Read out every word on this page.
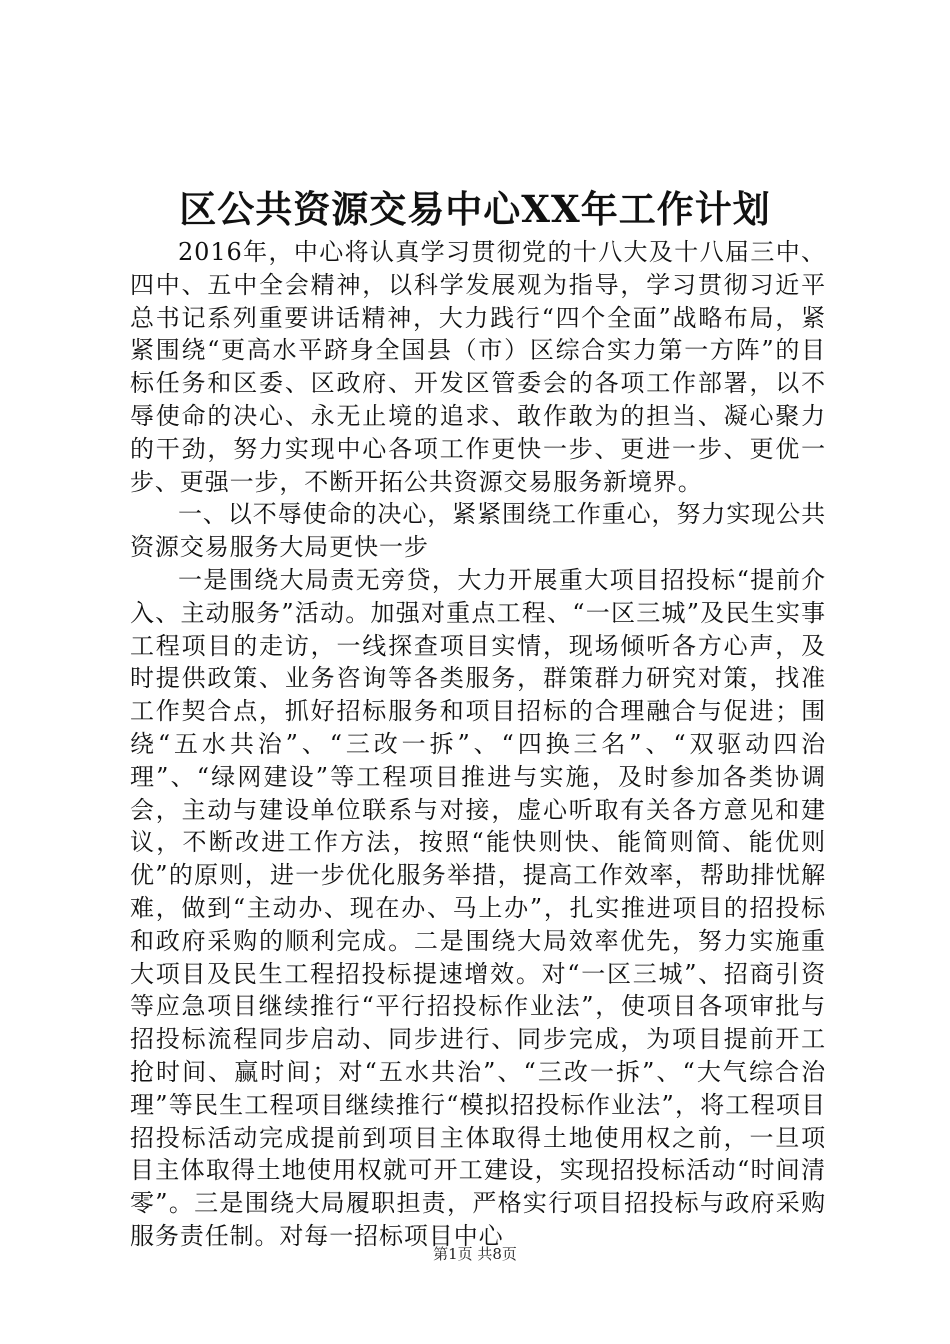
区公共资源交易中心XX年工作计划

2016年，中心将认真学习贯彻党的十八大及十八届三中、四中、五中全会精神，以科学发展观为指导，学习贯彻习近平总书记系列重要讲话精神，大力践行“四个全面”战略布局，紧紧围绕“更高水平跻身全国县（市）区综合实力第一方阵”的目标任务和区委、区政府、开发区管委会的各项工作部署，以不辱使命的决心、永无止境的追求、敢作敢为的担当、凝心聚力的干劲，努力实现中心各项工作更快一步、更进一步、更优一步、更强一步，不断开拓公共资源交易服务新境界。

一、以不辱使命的决心，紧紧围绕工作重心，努力实现公共资源交易服务大局更快一步

一是围绕大局责无旁贷，大力开展重大项目招投标“提前介入、主动服务”活动。加强对重点工程、“一区三城”及民生实事工程项目的走访，一线探查项目实情，现场倾听各方心声，及时提供政策、业务咨询等各类服务，群策群力研究对策，找准工作契合点，抓好招标服务和项目招标的合理融合与促进；围绕“五水共治”、“三改一拆”、“四换三名”、“双驱动四治理”、“绿网建设”等工程项目推进与实施，及时参加各类协调会，主动与建设单位联系与对接，虚心听取有关各方意见和建议，不断改进工作方法，按照“能快则快、能简则简、能优则优”的原则，进一步优化服务举措，提高工作效率，帮助排忧解难，做到“主动办、现在办、马上办”，扎实推进项目的招投标和政府采购的顺利完成。二是围绕大局效率优先，努力实施重大项目及民生工程招投标提速增效。对“一区三城”、招商引资等应急项目继续推行“平行招投标作业法”，使项目各项审批与招投标流程同步启动、同步进行、同步完成，为项目提前开工抢时间、赢时间；对“五水共治”、“三改一拆”、“大气综合治理”等民生工程项目继续推行“模拟招投标作业法”，将工程项目招投标活动完成提前到项目主体取得土地使用权之前，一旦项目主体取得土地使用权就可开工建设，实现招投标活动“时间清零”。三是围绕大局履职担责，严格实行项目招投标与政府采购服务责任制。对每一招标项目中心

第1页 共8页
